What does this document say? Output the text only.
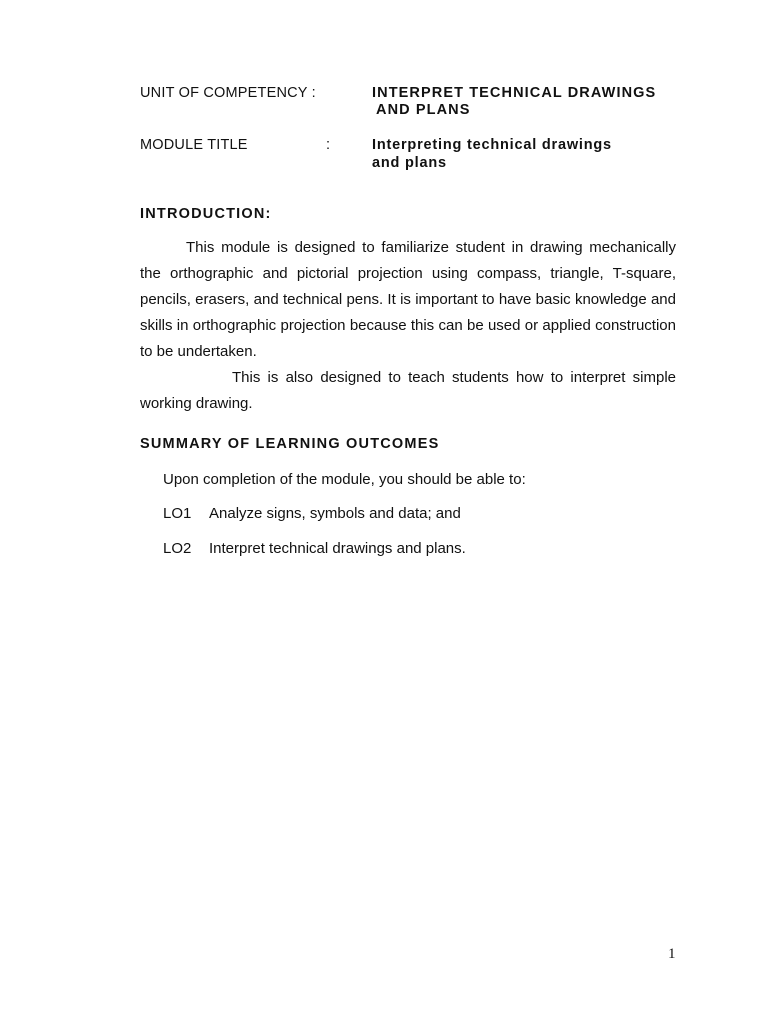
UNIT OF COMPETENCY :	INTERPRET TECHNICAL DRAWINGS
AND PLANS
MODULE TITLE	:	Interpreting technical drawings
and plans
INTRODUCTION:

This module is designed to familiarize student in drawing mechanically the orthographic and pictorial projection using compass, triangle, T-square, pencils, erasers, and technical pens. It is important to have basic knowledge and skills in orthographic projection because this can be used or applied construction to be undertaken.

This is also designed to teach students how to interpret simple working drawing.

SUMMARY OF LEARNING OUTCOMES
Upon completion of the module, you should be able to:
LO1 Analyze signs, symbols and data; and
LO2 Interpret technical drawings and plans.
1
